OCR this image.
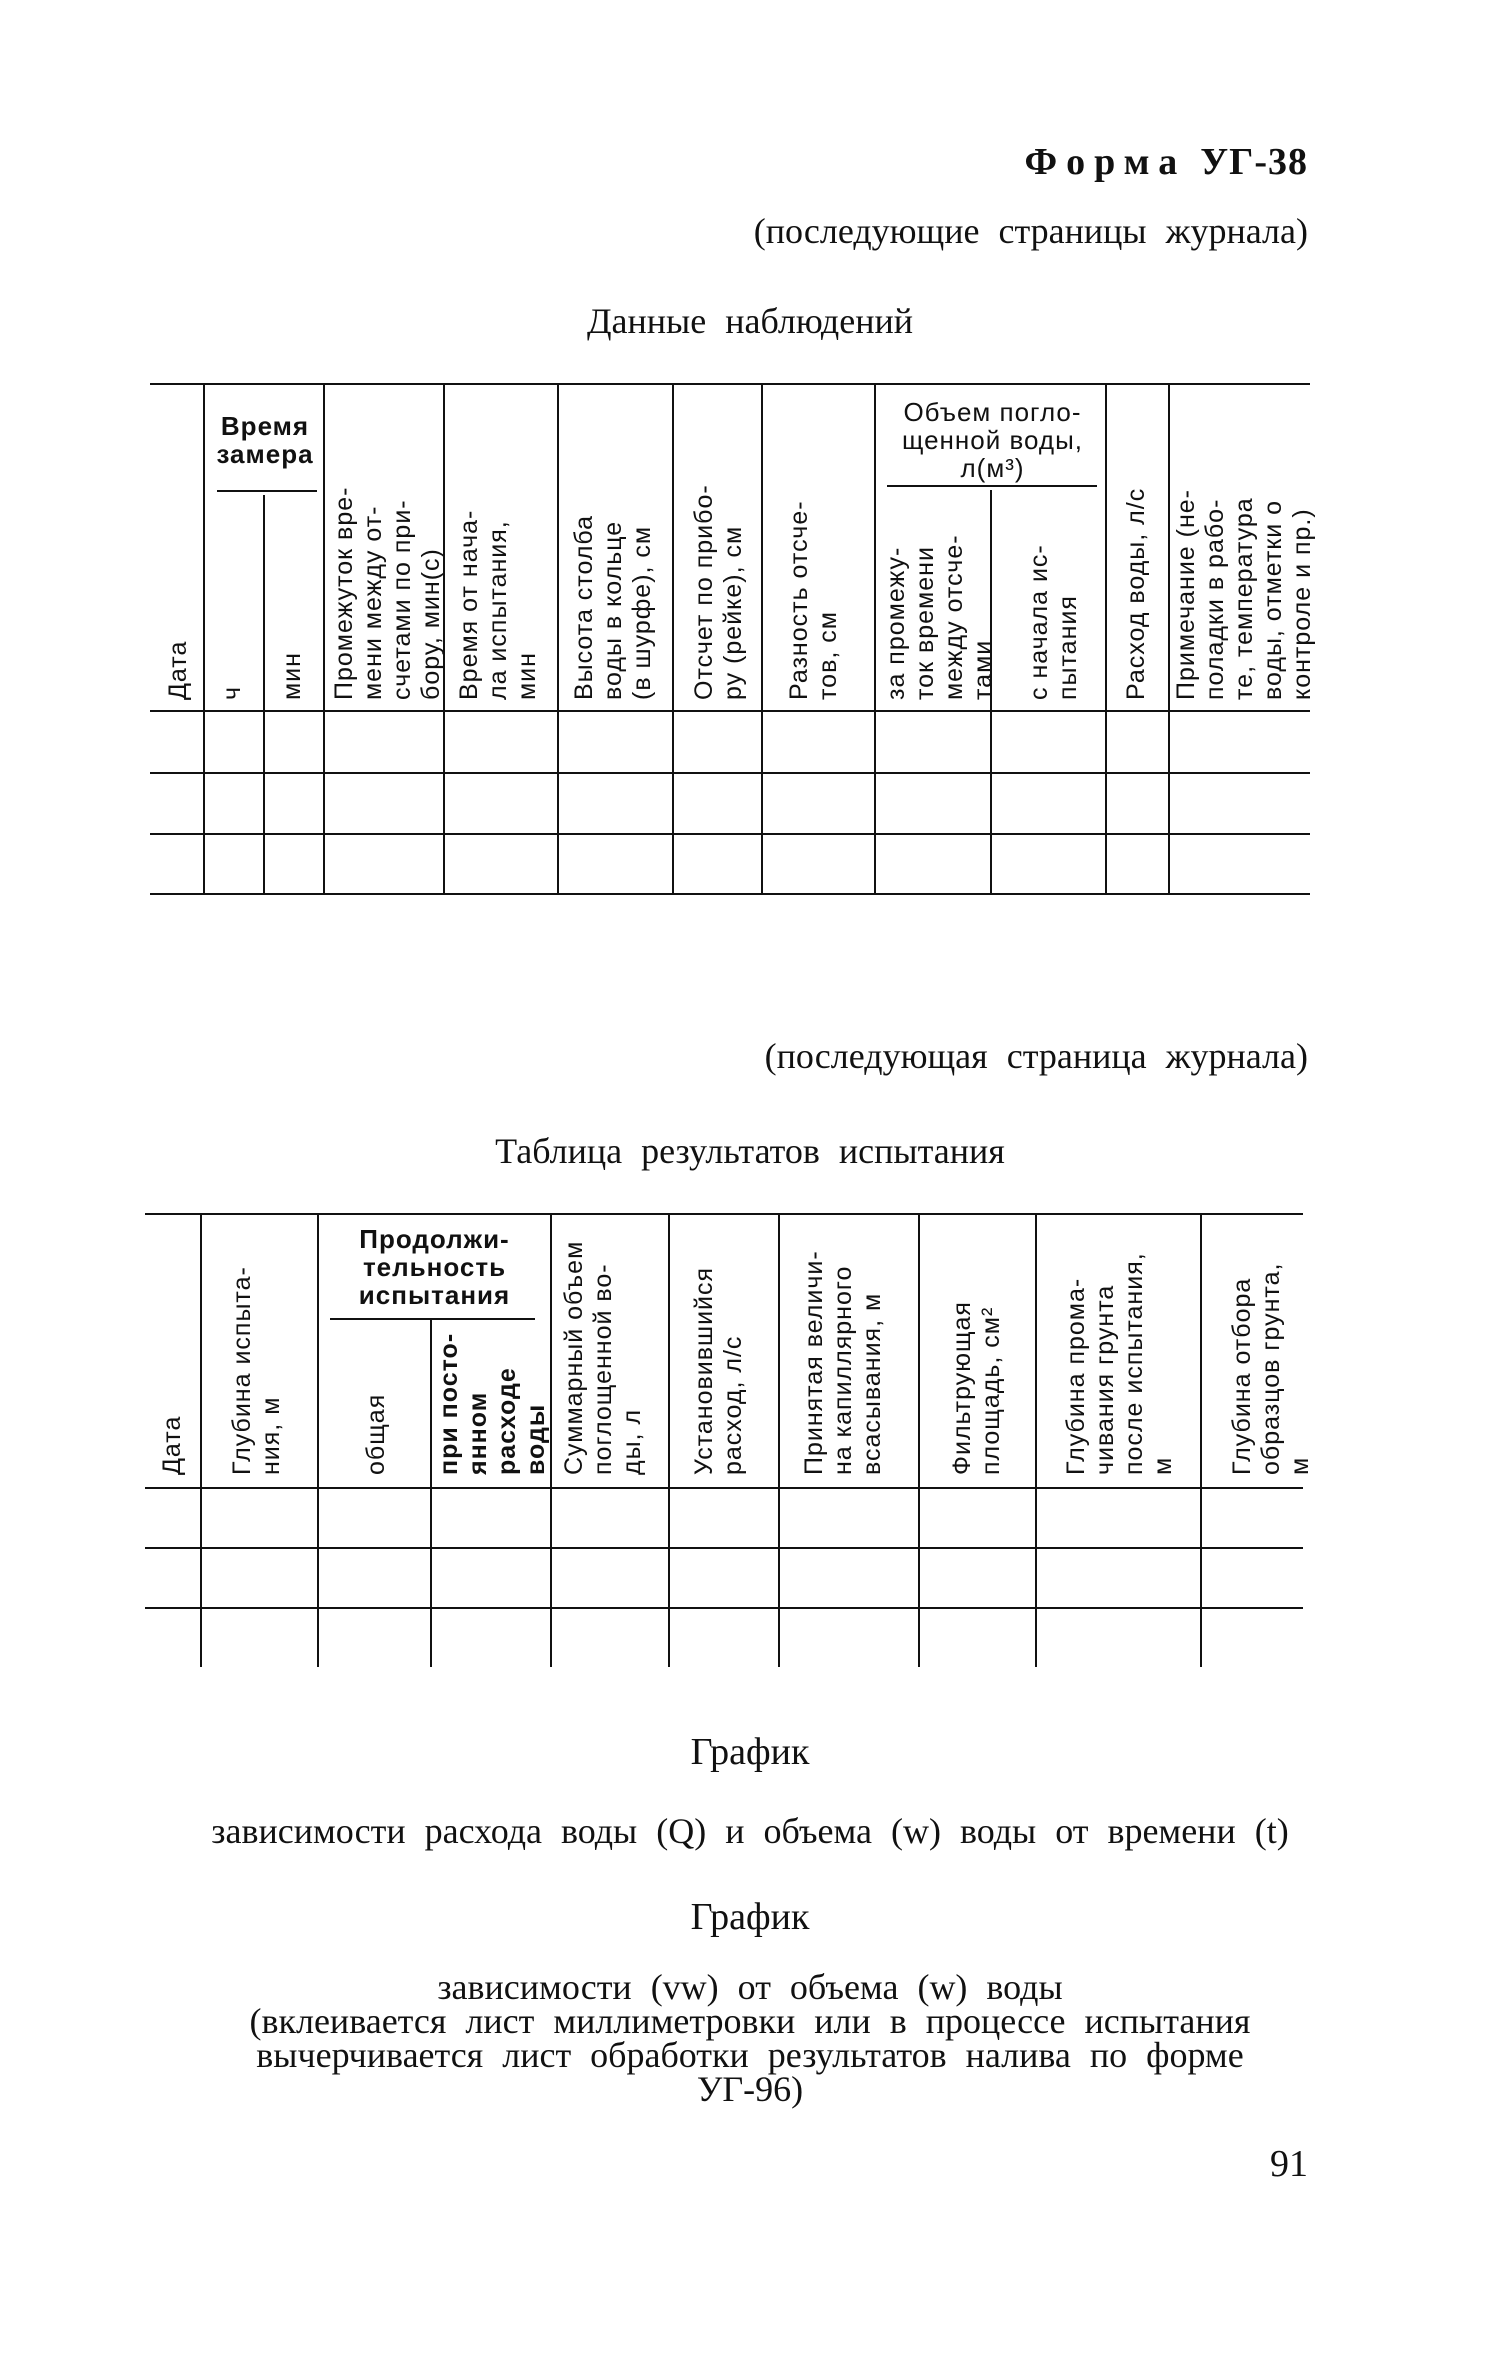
Форма УГ-38
(последующие страницы журнала)
Данные наблюдений
Дата
Время
замера
ч мин Промежуток вре-
мени между от-
счетами по при-
бору, мин(с)
Время от нача-
ла испытания,
мин Высота столба
воды в кольце
(в шурфе), см
Отсчет по прибо-
ру (рейке), см
Разность отсче-
тов, см
Объем погло-
щенной воды,
л(м³)
за промежу-
ток времени
между отсче-
тами с начала ис-
пытания Расход воды, л/с Примечание (не-
поладки в рабо-
те, температура
воды, отметки о
контроле и пр.)
(последующая страница журнала)
Таблица результатов испытания
Дата Глубина испыта-
ния, м
Продолжи-
тельность
испытания
общая при посто-
янном
расходе
воды Суммарный объем
поглощенной во-
ды, л Установившийся
расход, л/с
Принятая величи-
на капиллярного
всасывания, м Фильтрующая
площадь, см²
Глубина прома-
чивания грунта
после испытания,
м Глубина отбора
образцов грунта,
м
График
зависимости расхода воды (Q) и объема (w) воды от времени (t)
График
зависимости (vw) от объема (w) воды
(вклеивается лист миллиметровки или в процессе испытания
вычерчивается лист обработки результатов налива по форме
УГ-96)
91
